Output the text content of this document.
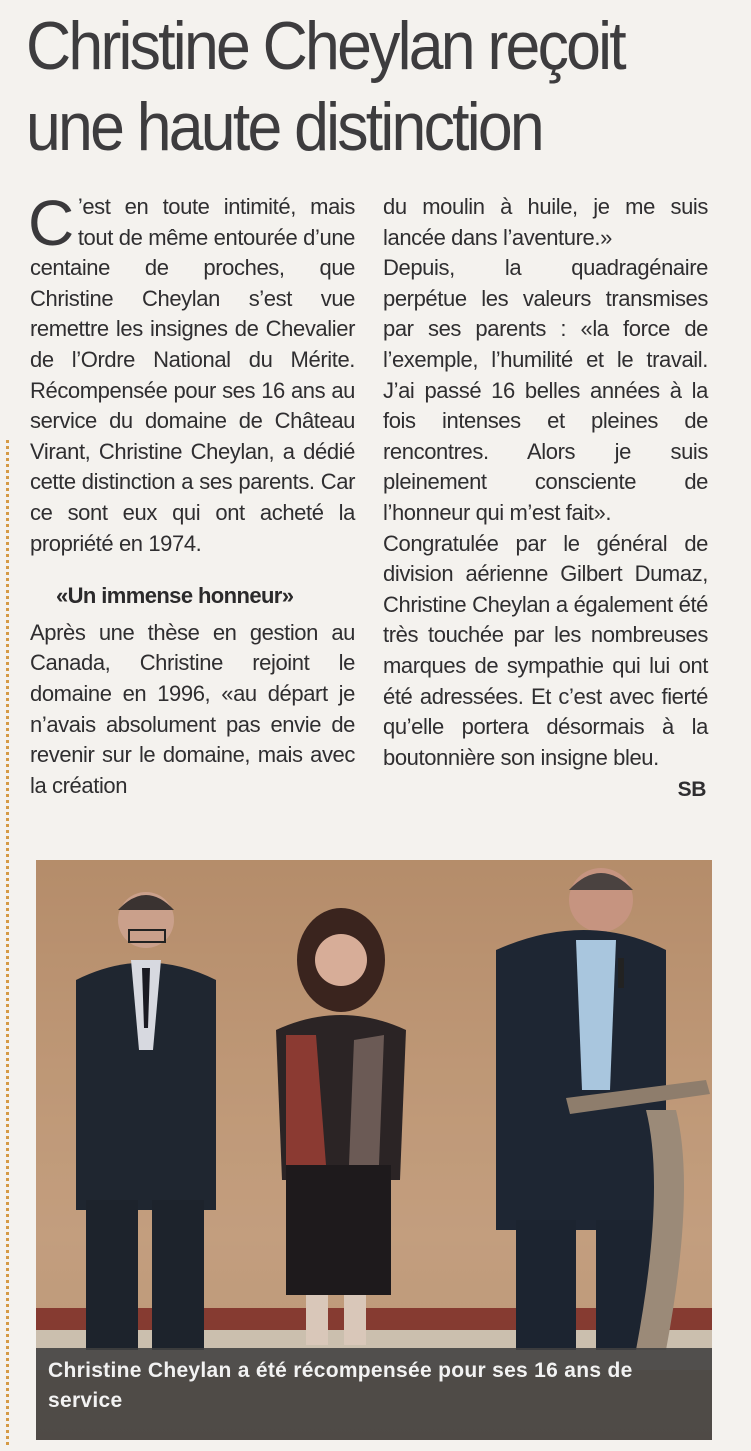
Christine Cheylan reçoit une haute distinction

C ’est en toute intimité, mais tout de même entourée d’une centaine de proches, que Christine Cheylan s’est vue remettre les insignes de Chevalier de l’Ordre National du Mérite. Récompensée pour ses 16 ans au service du domaine de Château Virant, Christine Cheylan, a dédié cette distinction a ses parents. Car ce sont eux qui ont acheté la propriété en 1974.

«Un immense honneur»

Après une thèse en gestion au Canada, Christine rejoint le domaine en 1996, «au départ je n’avais absolument pas envie de revenir sur le domaine, mais avec la création

du moulin à huile, je me suis lancée dans l’aventure.»

Depuis, la quadragénaire perpétue les valeurs transmises par ses parents : «la force de l’exemple, l’humilité et le travail. J’ai passé 16 belles années à la fois intenses et pleines de rencontres. Alors je suis pleinement consciente de l’honneur qui m’est fait».

Congratulée par le général de division aérienne Gilbert Dumaz, Christine Cheylan a également été très touchée par les nombreuses marques de sympathie qui lui ont été adressées. Et c’est avec fierté qu’elle portera désormais à la boutonnière son insigne bleu.

SB

Christine Cheylan a été récompensée pour ses 16 ans de service
